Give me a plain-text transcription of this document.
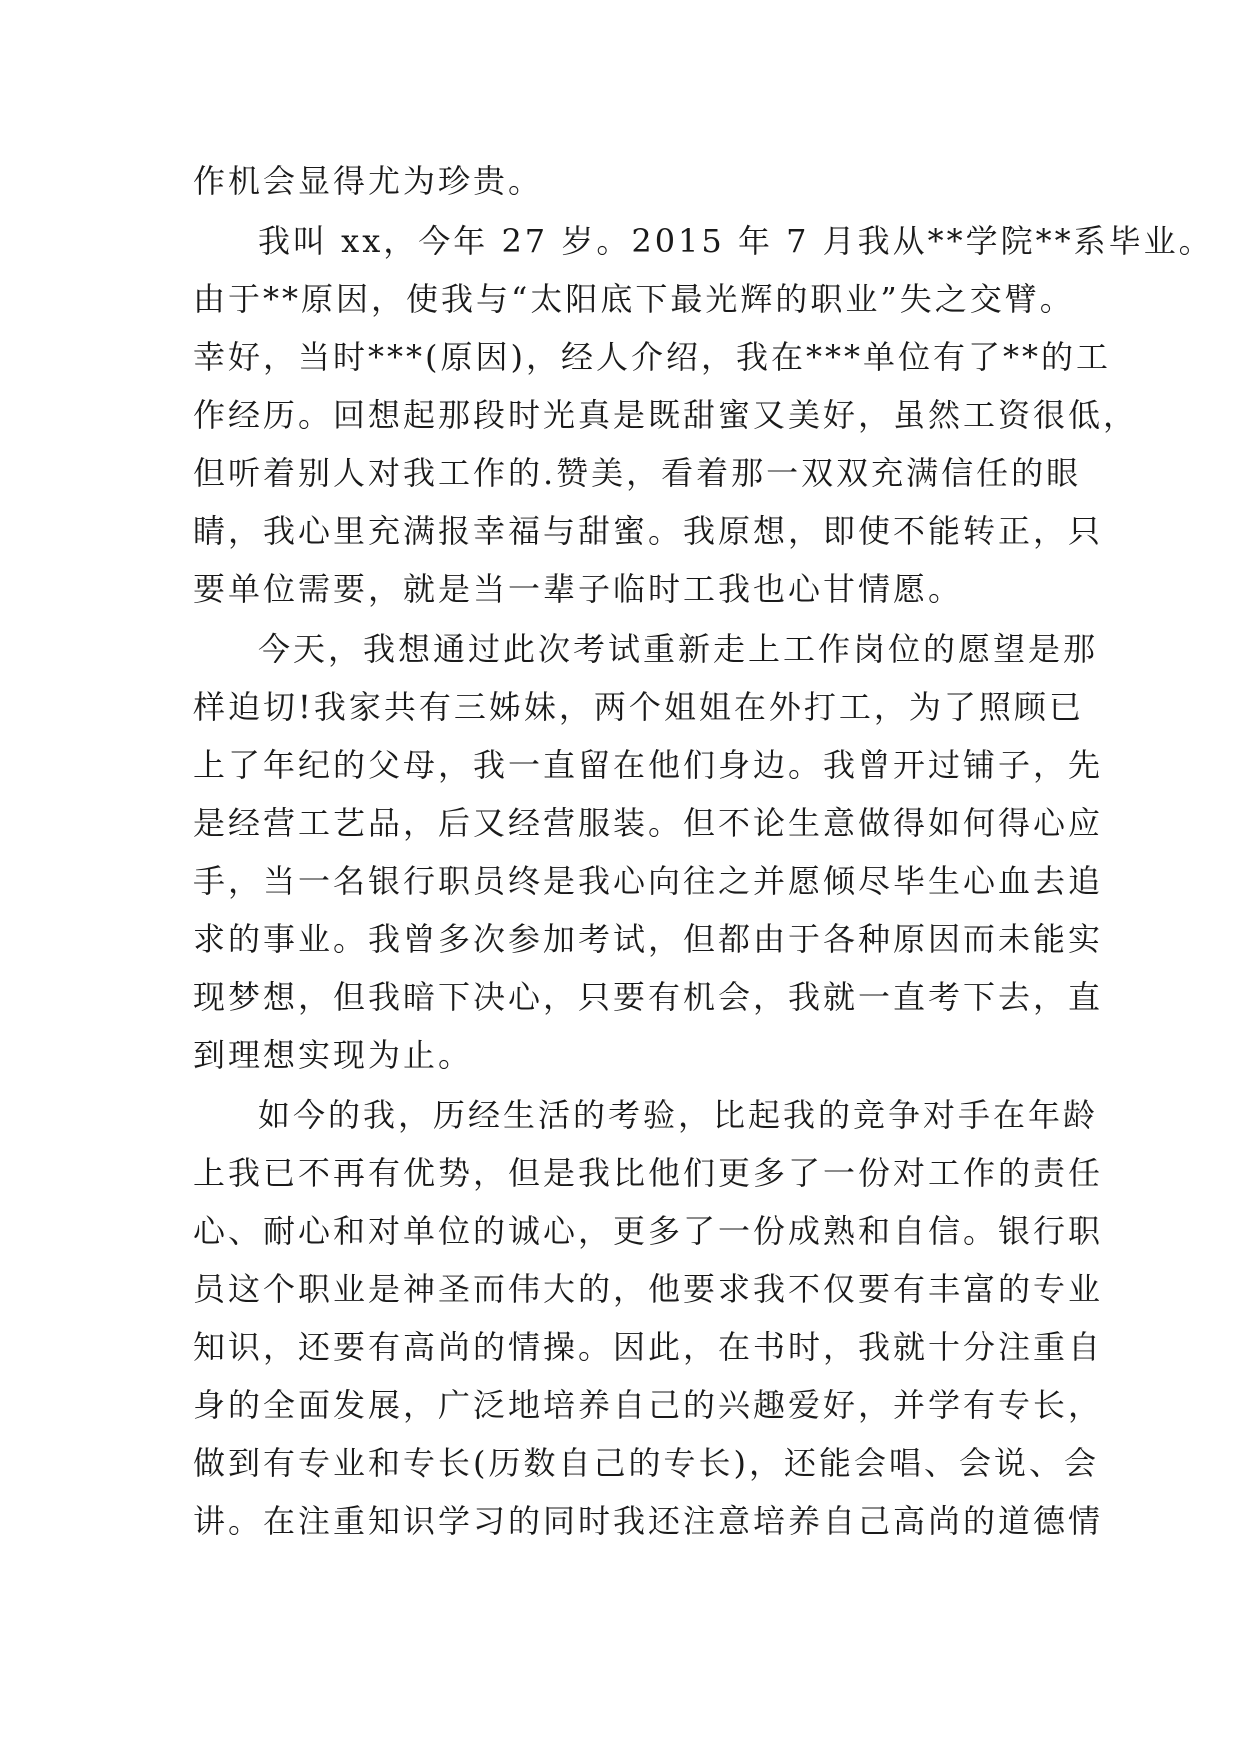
作机会显得尤为珍贵。
我叫 xx，今年 27 岁。2015 年 7 月我从**学院**系毕业。
由于**原因，使我与“太阳底下最光辉的职业”失之交臂。
幸好，当时***(原因)，经人介绍，我在***单位有了**的工
作经历。回想起那段时光真是既甜蜜又美好，虽然工资很低，
但听着别人对我工作的.赞美，看着那一双双充满信任的眼
睛，我心里充满报幸福与甜蜜。我原想，即使不能转正，只
要单位需要，就是当一辈子临时工我也心甘情愿。
今天，我想通过此次考试重新走上工作岗位的愿望是那
样迫切!我家共有三姊妹，两个姐姐在外打工，为了照顾已
上了年纪的父母，我一直留在他们身边。我曾开过铺子，先
是经营工艺品，后又经营服装。但不论生意做得如何得心应
手，当一名银行职员终是我心向往之并愿倾尽毕生心血去追
求的事业。我曾多次参加考试，但都由于各种原因而未能实
现梦想，但我暗下决心，只要有机会，我就一直考下去，直
到理想实现为止。
如今的我，历经生活的考验，比起我的竞争对手在年龄
上我已不再有优势，但是我比他们更多了一份对工作的责任
心、耐心和对单位的诚心，更多了一份成熟和自信。银行职
员这个职业是神圣而伟大的，他要求我不仅要有丰富的专业
知识，还要有高尚的情操。因此，在书时，我就十分注重自
身的全面发展，广泛地培养自己的兴趣爱好，并学有专长，
做到有专业和专长(历数自己的专长)，还能会唱、会说、会
讲。在注重知识学习的同时我还注意培养自己高尚的道德情
